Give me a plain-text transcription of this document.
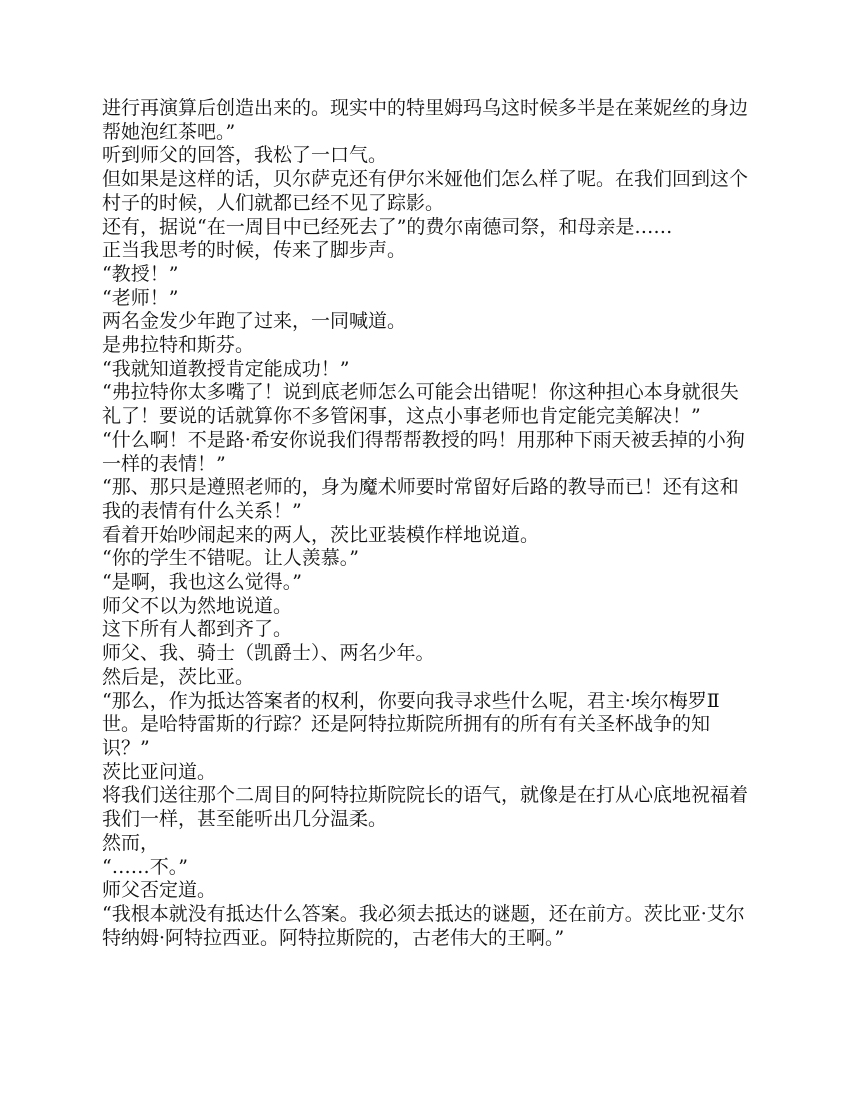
进行再演算后创造出来的。现实中的特里姆玛乌这时候多半是在莱妮丝的身边帮她泡红茶吧。”

听到师父的回答，我松了一口气。

但如果是这样的话，贝尔萨克还有伊尔米娅他们怎么样了呢。在我们回到这个村子的时候，人们就都已经不见了踪影。

还有，据说“在一周目中已经死去了”的费尔南德司祭，和母亲是……

正当我思考的时候，传来了脚步声。

“教授！”

“老师！”

两名金发少年跑了过来，一同喊道。

是弗拉特和斯芬。

“我就知道教授肯定能成功！”

“弗拉特你太多嘴了！说到底老师怎么可能会出错呢！你这种担心本身就很失礼了！要说的话就算你不多管闲事，这点小事老师也肯定能完美解决！”

“什么啊！不是路·希安你说我们得帮帮教授的吗！用那种下雨天被丢掉的小狗一样的表情！”

“那、那只是遵照老师的，身为魔术师要时常留好后路的教导而已！还有这和我的表情有什么关系！”

看着开始吵闹起来的两人，茨比亚装模作样地说道。

“你的学生不错呢。让人羡慕。”

“是啊，我也这么觉得。”

师父不以为然地说道。

这下所有人都到齐了。

师父、我、骑士（凯爵士）、两名少年。

然后是，茨比亚。

“那么，作为抵达答案者的权利，你要向我寻求些什么呢，君主·埃尔梅罗Ⅱ世。是哈特雷斯的行踪？还是阿特拉斯院所拥有的所有有关圣杯战争的知识？”

茨比亚问道。

将我们送往那个二周目的阿特拉斯院院长的语气，就像是在打从心底地祝福着我们一样，甚至能听出几分温柔。

然而，

“……不。”

师父否定道。

“我根本就没有抵达什么答案。我必须去抵达的谜题，还在前方。茨比亚·艾尔特纳姆·阿特拉西亚。阿特拉斯院的，古老伟大的王啊。”
